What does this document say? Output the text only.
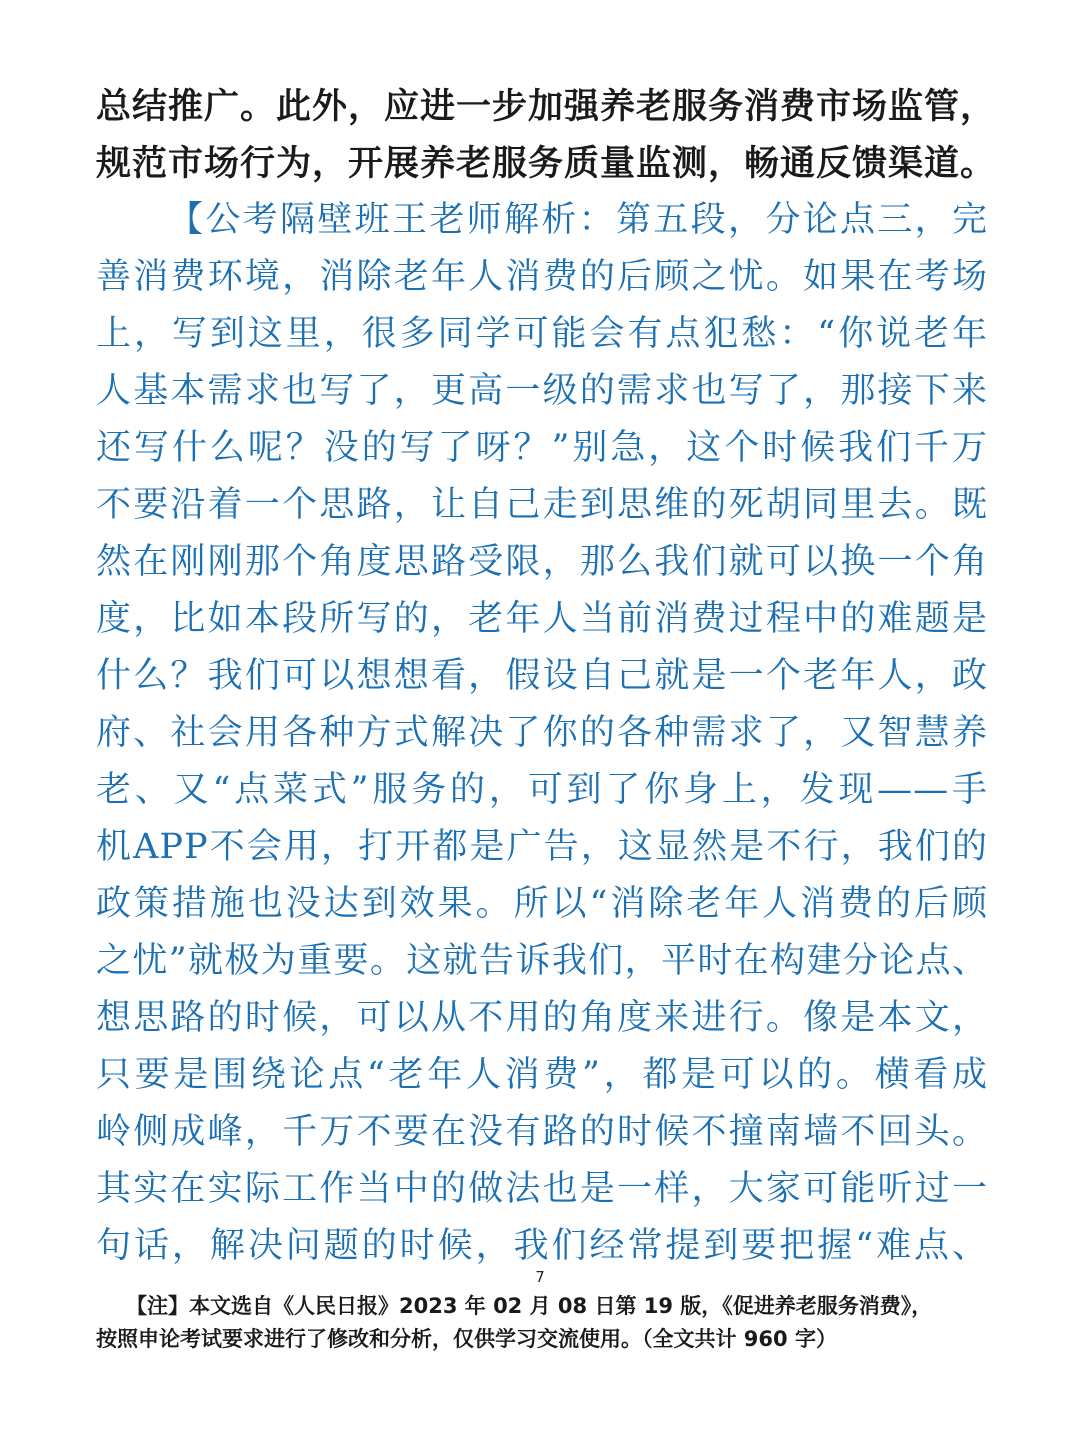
总结推广。此外，应进一步加强养老服务消费市场监管，
规范市场行为，开展养老服务质量监测，畅通反馈渠道。
【公考隔壁班王老师解析：第五段，分论点三，完
善消费环境，消除老年人消费的后顾之忧。如果在考场
上，写到这里，很多同学可能会有点犯愁：“你说老年
人基本需求也写了，更高一级的需求也写了，那接下来
还写什么呢？没的写了呀？”别急，这个时候我们千万
不要沿着一个思路，让自己走到思维的死胡同里去。既
然在刚刚那个角度思路受限，那么我们就可以换一个角
度，比如本段所写的，老年人当前消费过程中的难题是
什么？我们可以想想看，假设自己就是一个老年人，政
府、社会用各种方式解决了你的各种需求了，又智慧养
老、又“点菜式”服务的，可到了你身上，发现——手
机APP不会用，打开都是广告，这显然是不行，我们的
政策措施也没达到效果。所以“消除老年人消费的后顾
之忧”就极为重要。这就告诉我们，平时在构建分论点、
想思路的时候，可以从不用的角度来进行。像是本文，
只要是围绕论点“老年人消费”，都是可以的。横看成
岭侧成峰，千万不要在没有路的时候不撞南墙不回头。
其实在实际工作当中的做法也是一样，大家可能听过一
句话，解决问题的时候，我们经常提到要把握“难点、
7
【注】本文选自《人民日报》2023 年 02 月 08 日第 19 版，《促进养老服务消费》，
按照申论考试要求进行了修改和分析，仅供学习交流使用。（全文共计 960 字）
